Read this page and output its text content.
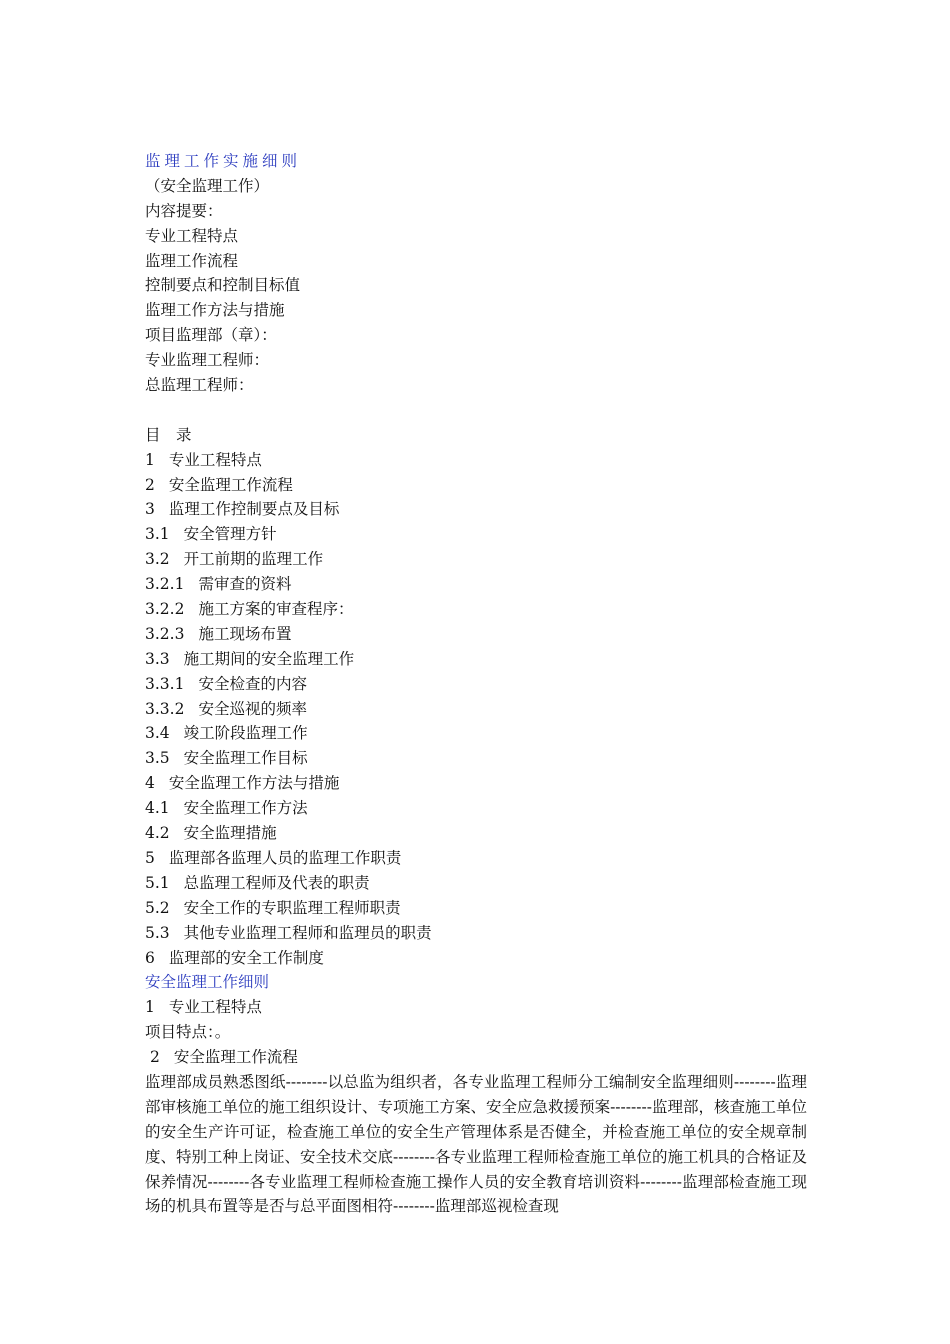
监理工作实施细则
（安全监理工作）
内容提要：
专业工程特点
监理工作流程
控制要点和控制目标值
监理工作方法与措施
项目监理部（章）：
专业监理工程师：
总监理工程师：
目　录
1 专业工程特点
2 安全监理工作流程
3 监理工作控制要点及目标
3.1 安全管理方针
3.2 开工前期的监理工作
3.2.1 需审查的资料
3.2.2 施工方案的审查程序：
3.2.3 施工现场布置
3.3 施工期间的安全监理工作
3.3.1 安全检查的内容
3.3.2 安全巡视的频率
3.4 竣工阶段监理工作
3.5 安全监理工作目标
4 安全监理工作方法与措施
4.1 安全监理工作方法
4.2 安全监理措施
5 监理部各监理人员的监理工作职责
5.1 总监理工程师及代表的职责
5.2 安全工作的专职监理工程师职责
5.3 其他专业监理工程师和监理员的职责
6 监理部的安全工作制度
安全监理工作细则
1 专业工程特点
项目特点：。
2 安全监理工作流程
监理部成员熟悉图纸--------以总监为组织者，各专业监理工程师分工编制安全监理细则--------监理部审核施工单位的施工组织设计、专项施工方案、安全应急救援预案--------监理部，核查施工单位的安全生产许可证，检查施工单位的安全生产管理体系是否健全，并检查施工单位的安全规章制度、特别工种上岗证、安全技术交底--------各专业监理工程师检查施工单位的施工机具的合格证及保养情况--------各专业监理工程师检查施工操作人员的安全教育培训资料--------监理部检查施工现场的机具布置等是否与总平面图相符--------监理部巡视检查现
